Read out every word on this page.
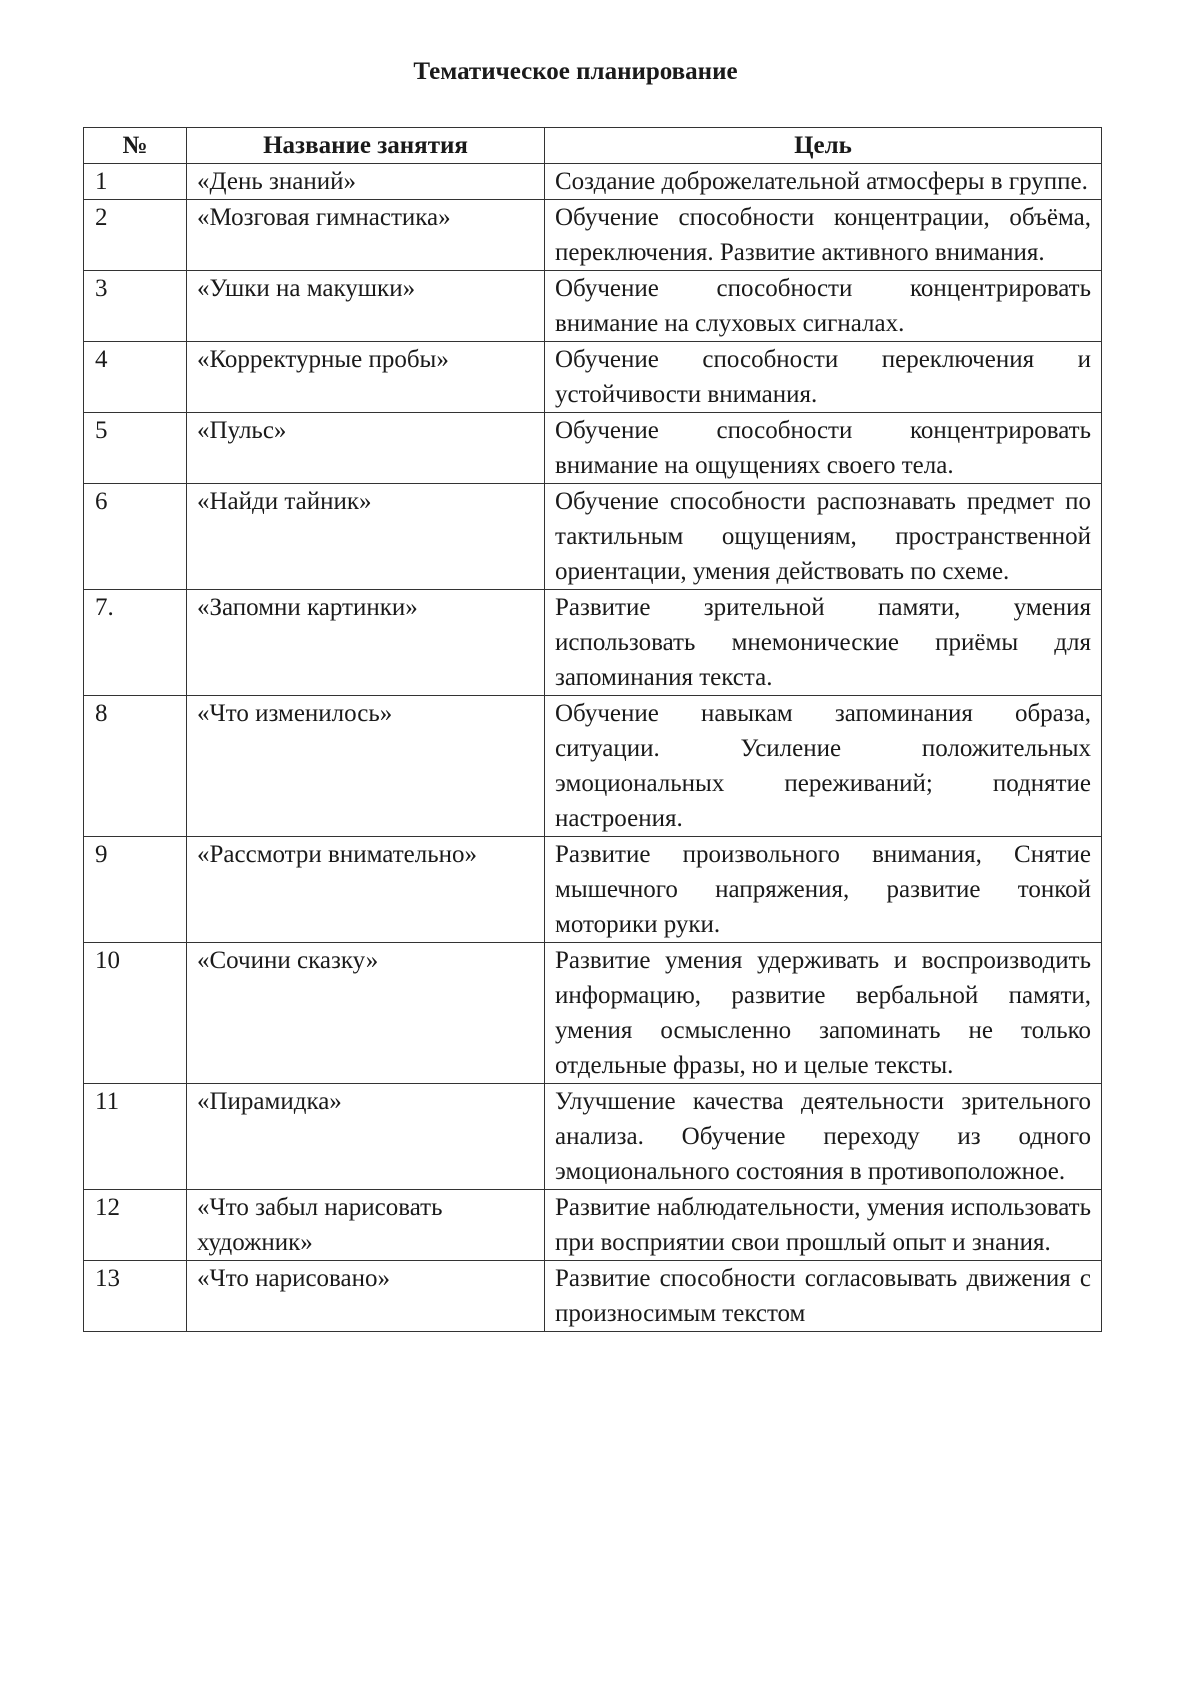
Тематическое планирование
№	Название занятия	Цель
1	«День знаний»	Создание доброжелательной атмосферы в группе.
2	«Мозговая гимнастика»	Обучение способности концентрации, объёма, переключения. Развитие активного внимания.
3	«Ушки на макушки»	Обучение способности концентрировать внимание на слуховых сигналах.
4	«Корректурные пробы»	Обучение способности переключения и устойчивости внимания.
5	«Пульс»	Обучение способности концентрировать внимание на ощущениях своего тела.
6	«Найди тайник»	Обучение способности распознавать предмет по тактильным ощущениям, пространственной ориентации, умения действовать по схеме.
7.	«Запомни картинки»	Развитие зрительной памяти, умения использовать мнемонические приёмы для запоминания текста.
8	«Что изменилось»	Обучение навыкам запоминания образа, ситуации. Усиление положительных эмоциональных переживаний; поднятие настроения.
9	«Рассмотри внимательно»	Развитие произвольного внимания, Снятие мышечного напряжения, развитие тонкой моторики руки.
10	«Сочини сказку»	Развитие умения удерживать и воспроизводить информацию, развитие вербальной памяти, умения осмысленно запоминать не только отдельные фразы, но и целые тексты.
11	«Пирамидка»	Улучшение качества деятельности зрительного анализа. Обучение переходу из одного эмоционального состояния в противоположное.
12	«Что забыл нарисовать художник»	Развитие наблюдательности, умения использовать при восприятии свои прошлый опыт и знания.
13	«Что нарисовано»	Развитие способности согласовывать движения с произносимым текстом
